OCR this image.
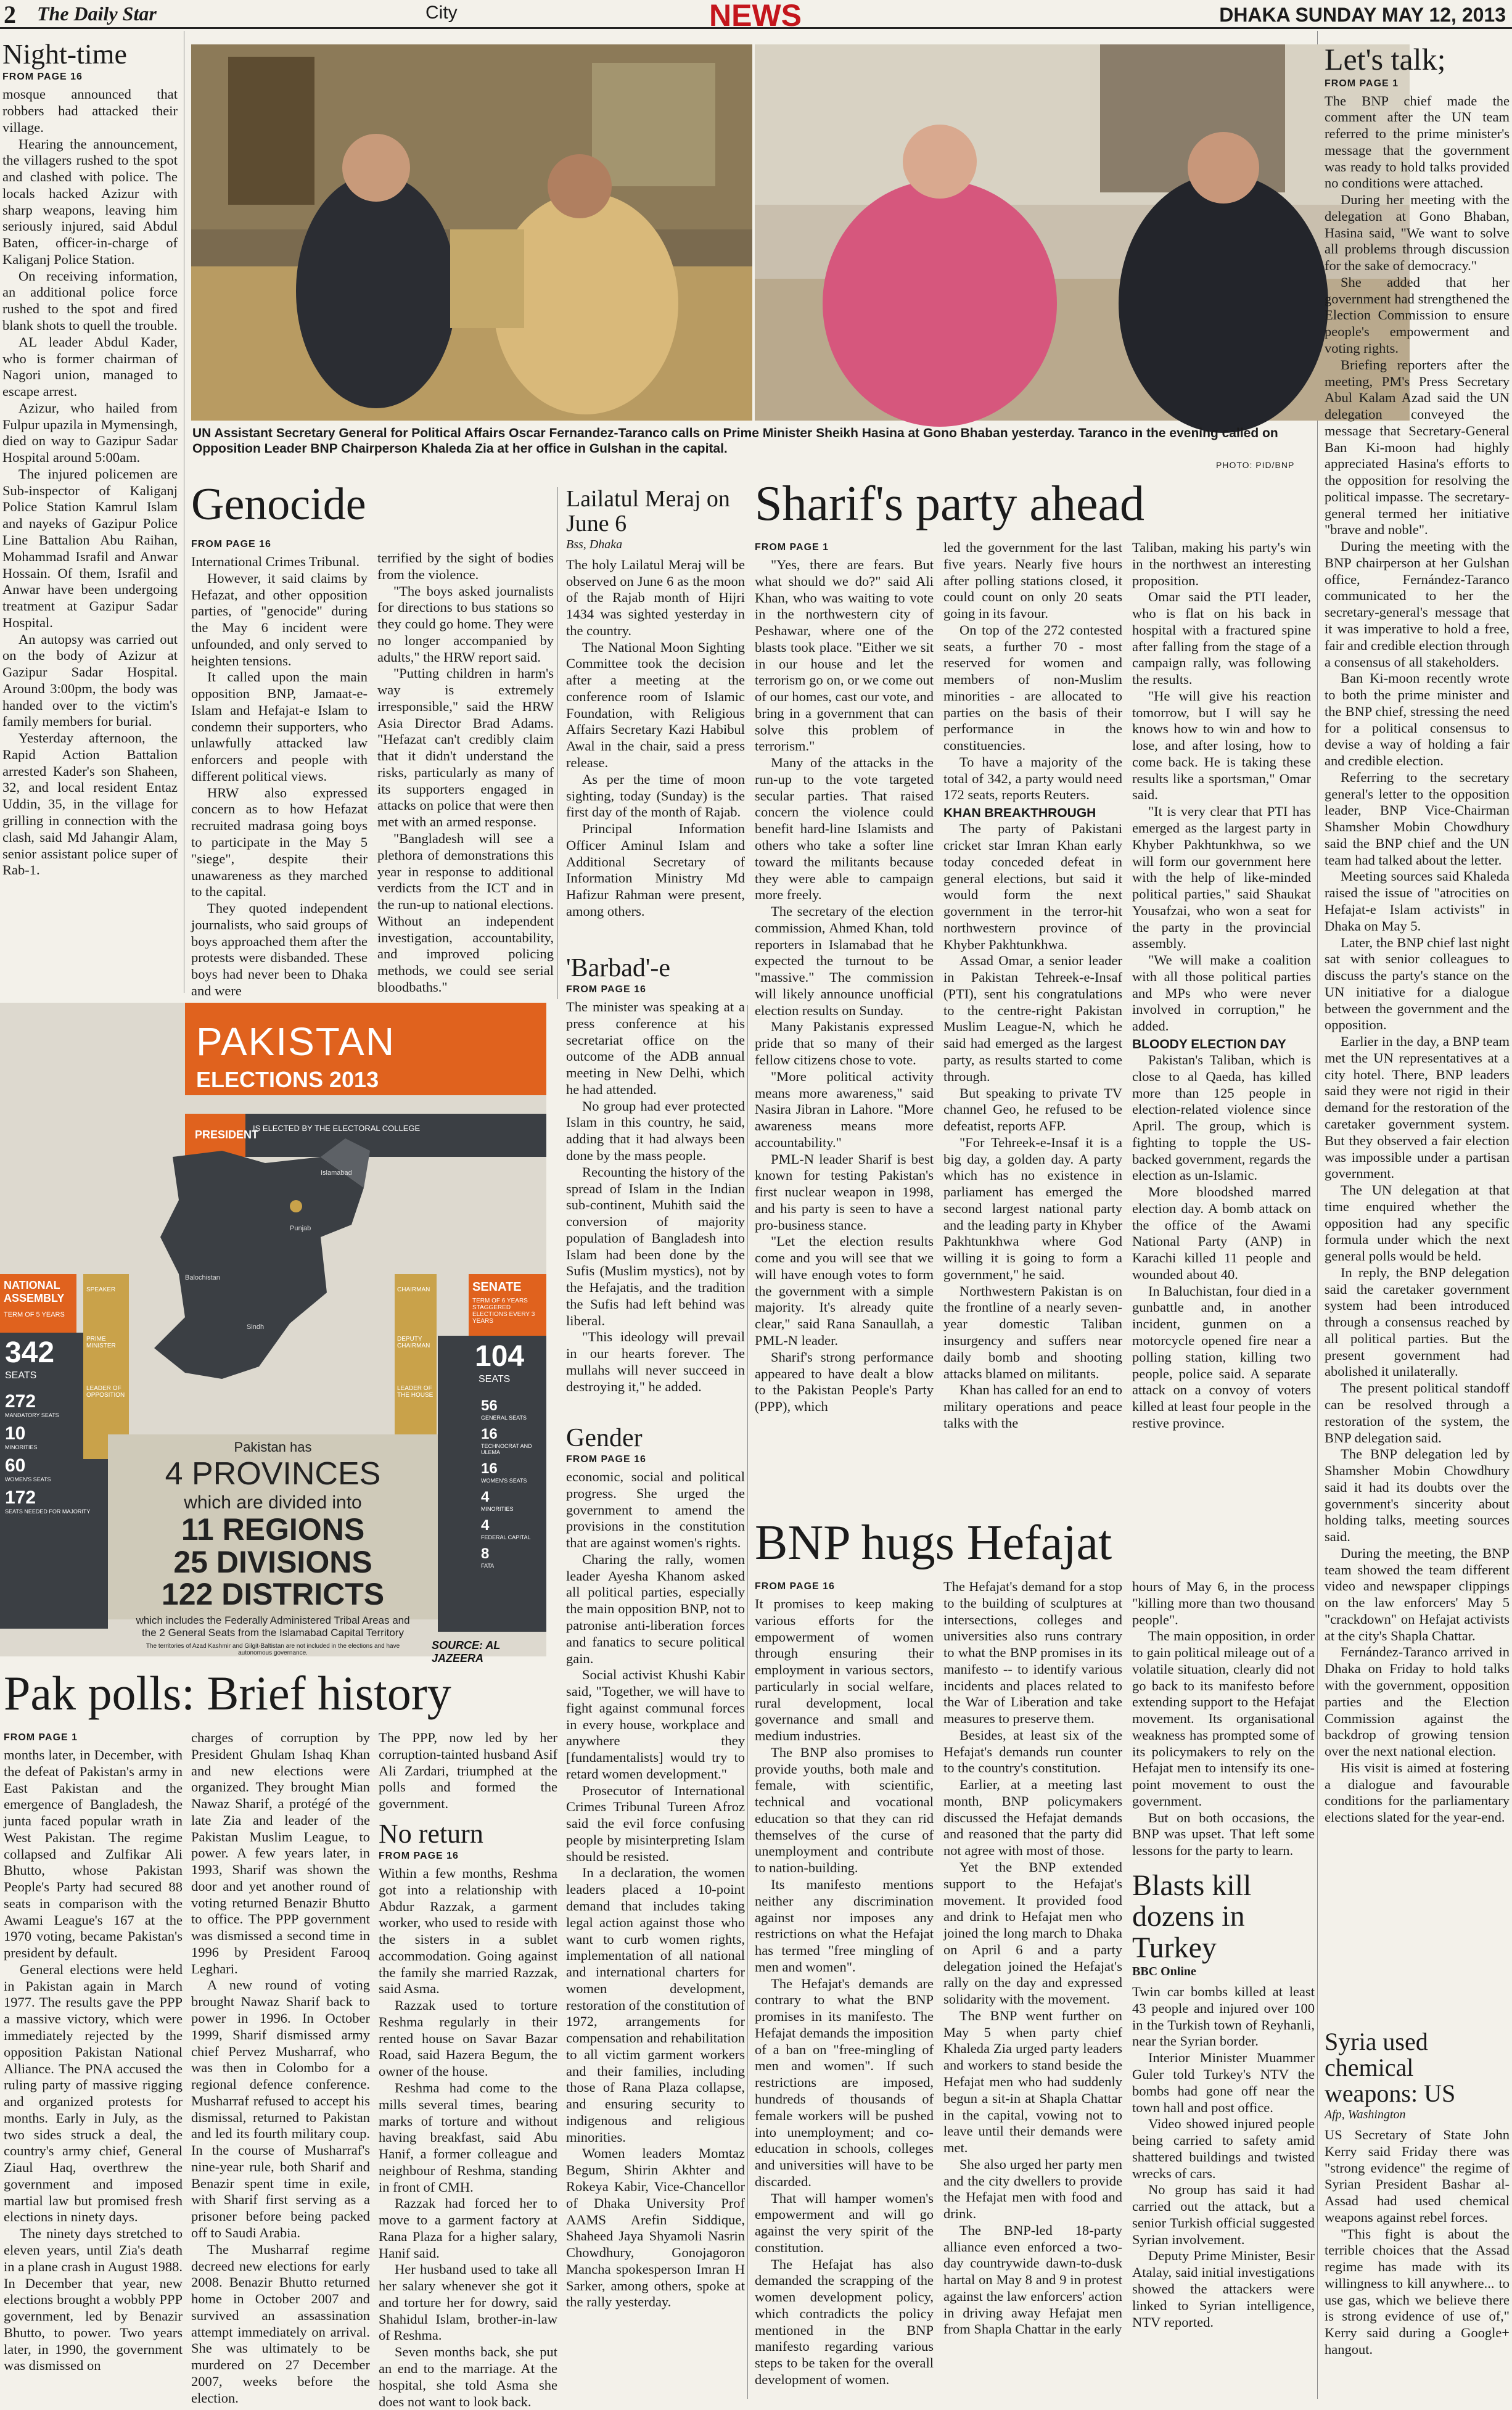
2 The Daily Star	City	NEWS	DHAKA SUNDAY MAY 12, 2013
Night-time
FROM PAGE 16

mosque announced that robbers had attacked their village.

Hearing the announcement, the villagers rushed to the spot and clashed with police. The locals hacked Azizur with sharp weapons, leaving him seriously injured, said Abdul Baten, officer-in-charge of Kaliganj Police Station.

On receiving information, an additional police force rushed to the spot and fired blank shots to quell the trouble.

AL leader Abdul Kader, who is former chairman of Nagori union, managed to escape arrest.

Azizur, who hailed from Fulpur upazila in Mymensingh, died on way to Gazipur Sadar Hospital around 5:00am.

The injured policemen are Sub-inspector of Kaliganj Police Station Kamrul Islam and nayeks of Gazipur Police Line Battalion Abu Raihan, Mohammad Israfil and Anwar Hossain. Of them, Israfil and Anwar have been undergoing treatment at Gazipur Sadar Hospital.

An autopsy was carried out on the body of Azizur at Gazipur Sadar Hospital. Around 3:00pm, the body was handed over to the victim's family members for burial.

Yesterday afternoon, the Rapid Action Battalion arrested Kader's son Shaheen, 32, and local resident Entaz Uddin, 35, in the village for grilling in connection with the clash, said Md Jahangir Alam, senior assistant police super of Rab-1.

UN Assistant Secretary General for Political Affairs Oscar Fernandez-Taranco calls on Prime Minister Sheikh Hasina at Gono Bhaban yesterday. Taranco in the evening called on Opposition Leader BNP Chairperson Khaleda Zia at her office in Gulshan in the capital.
PHOTO: PID/BNP
Genocide
FROM PAGE 16

International Crimes Tribunal.

However, it said claims by Hefazat, and other opposition parties, of "genocide" during the May 6 incident were unfounded, and only served to heighten tensions.

It called upon the main opposition BNP, Jamaat-e-Islam and Hefajat-e Islam to condemn their supporters, who unlawfully attacked law enforcers and people with different political views.

HRW also expressed concern as to how Hefazat recruited madrasa going boys to participate in the May 5 "siege", despite their unawareness as they marched to the capital.

They quoted independent journalists, who said groups of boys approached them after the protests were disbanded. These boys had never been to Dhaka and were

terrified by the sight of bodies from the violence.

"The boys asked journalists for directions to bus stations so they could go home. They were no longer accompanied by adults," the HRW report said.

"Putting children in harm's way is extremely irresponsible," said the HRW Asia Director Brad Adams. "Hefazat can't credibly claim that it didn't understand the risks, particularly as many of its supporters engaged in attacks on police that were then met with an armed response.

"Bangladesh will see a plethora of demonstrations this year in response to additional verdicts from the ICT and in the run-up to national elections. Without an independent investigation, accountability, and improved policing methods, we could see serial bloodbaths."

Lailatul Meraj on June 6
Bss, Dhaka

The holy Lailatul Meraj will be observed on June 6 as the moon of the Rajab month of Hijri 1434 was sighted yesterday in the country.

The National Moon Sighting Committee took the decision after a meeting at the conference room of Islamic Foundation, with Religious Affairs Secretary Kazi Habibul Awal in the chair, said a press release.

As per the time of moon sighting, today (Sunday) is the first day of the month of Rajab.

Principal Information Officer Aminul Islam and Additional Secretary of Information Ministry Md Hafizur Rahman were present, among others.

'Barbad'-e
FROM PAGE 16

The minister was speaking at a press conference at his secretariat office on the outcome of the ADB annual meeting in New Delhi, which he had attended.

No group had ever protected Islam in this country, he said, adding that it had always been done by the mass people.

Recounting the history of the spread of Islam in the Indian sub-continent, Muhith said the conversion of majority population of Bangladesh into Islam had been done by the Sufis (Muslim mystics), not by the Hefajatis, and the tradition the Sufis had left behind was liberal.

"This ideology will prevail in our hearts forever. The mullahs will never succeed in destroying it," he added.

Gender
FROM PAGE 16

economic, social and political progress. She urged the government to amend the provisions in the constitution that are against women's rights.

Charing the rally, women leader Ayesha Khanom asked all political parties, especially the main opposition BNP, not to patronise anti-liberation forces and fanatics to secure political gain.

Social activist Khushi Kabir said, "Together, we will have to fight against communal forces in every house, workplace and anywhere they [fundamentalists] would try to retard women development."

Prosecutor of International Crimes Tribunal Tureen Afroz said the evil force confusing people by misinterpreting Islam should be resisted.

In a declaration, the women leaders placed a 10-point demand that includes taking legal action against those who want to curb women rights, implementation of all national and international charters for women development, restoration of the constitution of 1972, arrangements for compensation and rehabilitation to all victim garment workers and their families, including those of Rana Plaza collapse, and ensuring security to indigenous and religious minorities.

Women leaders Momtaz Begum, Shirin Akhter and Rokeya Kabir, Vice-Chancellor of Dhaka University Prof AAMS Arefin Siddique, Shaheed Jaya Shyamoli Nasrin Chowdhury, Gonojagoron Mancha spokesperson Imran H Sarker, among others, spoke at the rally yesterday.

Sharif's party ahead
FROM PAGE 1

"Yes, there are fears. But what should we do?" said Ali Khan, who was waiting to vote in the northwestern city of Peshawar, where one of the blasts took place. "Either we sit in our house and let the terrorism go on, or we come out of our homes, cast our vote, and bring in a government that can solve this problem of terrorism."

Many of the attacks in the run-up to the vote targeted secular parties. That raised concern the violence could benefit hard-line Islamists and others who take a softer line toward the militants because they were able to campaign more freely.

The secretary of the election commission, Ahmed Khan, told reporters in Islamabad that he expected the turnout to be "massive." The commission will likely announce unofficial election results on Sunday.

Many Pakistanis expressed pride that so many of their fellow citizens chose to vote.

"More political activity means more awareness," said Nasira Jibran in Lahore. "More awareness means more accountability."

PML-N leader Sharif is best known for testing Pakistan's first nuclear weapon in 1998, and his party is seen to have a pro-business stance.

"Let the election results come and you will see that we will have enough votes to form the government with a simple majority. It's already quite clear," said Rana Sanaullah, a PML-N leader.

Sharif's strong performance appeared to have dealt a blow to the Pakistan People's Party (PPP), which

led the government for the last five years. Nearly five hours after polling stations closed, it could count on only 20 seats going in its favour.

On top of the 272 contested seats, a further 70 - most reserved for women and members of non-Muslim minorities - are allocated to parties on the basis of their performance in the constituencies.

To have a majority of the total of 342, a party would need 172 seats, reports Reuters.

KHAN BREAKTHROUGH

The party of Pakistani cricket star Imran Khan early today conceded defeat in general elections, but said it would form the next government in the terror-hit northwestern province of Khyber Pakhtunkhwa.

Assad Omar, a senior leader in Pakistan Tehreek-e-Insaf (PTI), sent his congratulations to the centre-right Pakistan Muslim League-N, which he said had emerged as the largest party, as results started to come through.

But speaking to private TV channel Geo, he refused to be defeatist, reports AFP.

"For Tehreek-e-Insaf it is a big day, a golden day. A party which has no existence in parliament has emerged the second largest national party and the leading party in Khyber Pakhtunkhwa where God willing it is going to form a government," he said.

Northwestern Pakistan is on the frontline of a nearly seven-year domestic Taliban insurgency and suffers near daily bomb and shooting attacks blamed on militants.

Khan has called for an end to military operations and peace talks with the

Taliban, making his party's win in the northwest an interesting proposition.

Omar said the PTI leader, who is flat on his back in hospital with a fractured spine after falling from the stage of a campaign rally, was following the results.

"He will give his reaction tomorrow, but I will say he knows how to win and how to lose, and after losing, how to come back. He is taking these results like a sportsman," Omar said.

"It is very clear that PTI has emerged as the largest party in Khyber Pakhtunkhwa, so we will form our government here with the help of like-minded political parties," said Shaukat Yousafzai, who won a seat for the party in the provincial assembly.

"We will make a coalition with all those political parties and MPs who were never involved in corruption," he added.

BLOODY ELECTION DAY

Pakistan's Taliban, which is close to al Qaeda, has killed more than 125 people in election-related violence since April. The group, which is fighting to topple the US-backed government, regards the election as un-Islamic.

More bloodshed marred election day. A bomb attack on the office of the Awami National Party (ANP) in Karachi killed 11 people and wounded about 40.

In Baluchistan, four died in a gunbattle and, in another incident, gunmen on a motorcycle opened fire near a polling station, killing two people, police said. A separate attack on a convoy of voters killed at least four people in the restive province.

Let's talk;
FROM PAGE 1

The BNP chief made the comment after the UN team referred to the prime minister's message that the government was ready to hold talks provided no conditions were attached.

During her meeting with the delegation at Gono Bhaban, Hasina said, "We want to solve all problems through discussion for the sake of democracy."

She added that her government had strengthened the Election Commission to ensure people's empowerment and voting rights.

Briefing reporters after the meeting, PM's Press Secretary Abul Kalam Azad said the UN delegation conveyed the message that Secretary-General Ban Ki-moon had highly appreciated Hasina's efforts to the opposition for resolving the political impasse. The secretary-general termed her initiative "brave and noble".

During the meeting with the BNP chairperson at her Gulshan office, Fernández-Taranco communicated to her the secretary-general's message that it was imperative to hold a free, fair and credible election through a consensus of all stakeholders.

Ban Ki-moon recently wrote to both the prime minister and the BNP chief, stressing the need for a political consensus to devise a way of holding a fair and credible election.

Referring to the secretary general's letter to the opposition leader, BNP Vice-Chairman Shamsher Mobin Chowdhury said the BNP chief and the UN team had talked about the letter.

Meeting sources said Khaleda raised the issue of "atrocities on Hefajat-e Islam activists" in Dhaka on May 5.

Later, the BNP chief last night sat with senior colleagues to discuss the party's stance on the UN initiative for a dialogue between the government and the opposition.

Earlier in the day, a BNP team met the UN representatives at a city hotel. There, BNP leaders said they were not rigid in their demand for the restoration of the caretaker government system. But they observed a fair election was impossible under a partisan government.

The UN delegation at that time enquired whether the opposition had any specific formula under which the next general polls would be held.

In reply, the BNP delegation said the caretaker government system had been introduced through a consensus reached by all political parties. But the present government had abolished it unilaterally.

The present political standoff can be resolved through a restoration of the system, the BNP delegation said.

The BNP delegation led by Shamsher Mobin Chowdhury said it had its doubts over the government's sincerity about holding talks, meeting sources said.

During the meeting, the BNP team showed the team different video and newspaper clippings on the law enforcers' May 5 "crackdown" on Hefajat activists at the city's Shapla Chattar.

Fernández-Taranco arrived in Dhaka on Friday to hold talks with the government, opposition parties and the Election Commission against the backdrop of growing tension over the next national election.

His visit is aimed at fostering a dialogue and favourable conditions for the parliamentary elections slated for the year-end.

Syria used chemical weapons: US
Afp, Washington

US Secretary of State John Kerry said Friday there was "strong evidence" the regime of Syrian President Bashar al-Assad had used chemical weapons against rebel forces.

"This fight is about the terrible choices that the Assad regime has made with its willingness to kill anywhere... to use gas, which we believe there is strong evidence of use of," Kerry said during a Google+ hangout.

PAKISTAN
ELECTIONS 2013
PRESIDENT
IS ELECTED BY THE ELECTORAL COLLEGE
NATIONAL ASSEMBLY
TERM OF 5 YEARS
342
SEATS
272
MANDATORY SEATS
10
MINORITIES
60
WOMEN'S SEATS
172
SEATS NEEDED FOR MAJORITY
SPEAKER
PRIME MINISTER
LEADER OF OPPOSITION
SENATE
TERM OF 6 YEARS STAGGERED ELECTIONS EVERY 3 YEARS
104
SEATS
56
GENERAL SEATS
16
TECHNOCRAT AND ULEMA
16
WOMEN'S SEATS
4
MINORITIES
4
FEDERAL CAPITAL
8
FATA
CHAIRMAN
DEPUTY CHAIRMAN
LEADER OF THE HOUSE
Islamabad
Punjab
Sindh
Balochistan
Pakistan has
4 PROVINCES
which are divided into
11 REGIONS
25 DIVISIONS
122 DISTRICTS
which includes the Federally Administered Tribal Areas and the 2 General Seats from the Islamabad Capital Territory
The territories of Azad Kashmir and Gilgit-Baltistan are not included in the elections and have autonomous governance.
SOURCE: AL JAZEERA
Pak polls: Brief history
FROM PAGE 1

months later, in December, with the defeat of Pakistan's army in East Pakistan and the emergence of Bangladesh, the junta faced popular wrath in West Pakistan. The regime collapsed and Zulfikar Ali Bhutto, whose Pakistan People's Party had secured 88 seats in comparison with the Awami League's 167 at the 1970 voting, became Pakistan's president by default.

General elections were held in Pakistan again in March 1977. The results gave the PPP a massive victory, which were immediately rejected by the opposition Pakistan National Alliance. The PNA accused the ruling party of massive rigging and organized protests for months. Early in July, as the two sides struck a deal, the country's army chief, General Ziaul Haq, overthrew the government and imposed martial law but promised fresh elections in ninety days.

The ninety days stretched to eleven years, until Zia's death in a plane crash in August 1988. In December that year, new elections brought a wobbly PPP government, led by Benazir Bhutto, to power. Two years later, in 1990, the government was dismissed on

charges of corruption by President Ghulam Ishaq Khan and new elections were organized. They brought Mian Nawaz Sharif, a protégé of the late Zia and leader of the Pakistan Muslim League, to power. A few years later, in 1993, Sharif was shown the door and yet another round of voting returned Benazir Bhutto to office. The PPP government was dismissed a second time in 1996 by President Farooq Leghari.

A new round of voting brought Nawaz Sharif back to power in 1996. In October 1999, Sharif dismissed army chief Pervez Musharraf, who was then in Colombo for a regional defence conference. Musharraf refused to accept his dismissal, returned to Pakistan and led its fourth military coup. In the course of Musharraf's nine-year rule, both Sharif and Benazir spent time in exile, with Sharif first serving as a prisoner before being packed off to Saudi Arabia.

The Musharraf regime decreed new elections for early 2008. Benazir Bhutto returned home in October 2007 and survived an assassination attempt immediately on arrival. She was ultimately to be murdered on 27 December 2007, weeks before the election.

The PPP, now led by her corruption-tainted husband Asif Ali Zardari, triumphed at the polls and formed the government.

No return
FROM PAGE 16

Within a few months, Reshma got into a relationship with Abdur Razzak, a garment worker, who used to reside with the sisters in a sublet accommodation. Going against the family she married Razzak, said Asma.

Razzak used to torture Reshma regularly in their rented house on Savar Bazar Road, said Hazera Begum, the owner of the house.

Reshma had come to the mills several times, bearing marks of torture and without having breakfast, said Abu Hanif, a former colleague and neighbour of Reshma, standing in front of CMH.

Razzak had forced her to move to a garment factory at Rana Plaza for a higher salary, Hanif said.

Her husband used to take all her salary whenever she got it and torture her for dowry, said Shahidul Islam, brother-in-law of Reshma.

Seven months back, she put an end to the marriage. At the hospital, she told Asma she does not want to look back.

BNP hugs Hefajat
FROM PAGE 16

It promises to keep making various efforts for the empowerment of women through ensuring their employment in various sectors, particularly in social welfare, rural development, local governance and small and medium industries.

The BNP also promises to provide youths, both male and female, with scientific, technical and vocational education so that they can rid themselves of the curse of unemployment and contribute to nation-building.

Its manifesto mentions neither any discrimination against nor imposes any restrictions on what the Hefajat has termed "free mingling of men and women".

The Hefajat's demands are contrary to what the BNP promises in its manifesto. The Hefajat demands the imposition of a ban on "free-mingling of men and women". If such restrictions are imposed, hundreds of thousands of female workers will be pushed into unemployment; and co-education in schools, colleges and universities will have to be discarded.

That will hamper women's empowerment and will go against the very spirit of the constitution.

The Hefajat has also demanded the scrapping of the women development policy, which contradicts the policy mentioned in the BNP manifesto regarding various steps to be taken for the overall development of women.

The Hefajat's demand for a stop to the building of sculptures at intersections, colleges and universities also runs contrary to what the BNP promises in its manifesto -- to identify various incidents and places related to the War of Liberation and take measures to preserve them.

Besides, at least six of the Hefajat's demands run counter to the country's constitution.

Earlier, at a meeting last month, BNP policymakers discussed the Hefajat demands and reasoned that the party did not agree with most of those.

Yet the BNP extended support to the Hefajat's movement. It provided food and drink to Hefajat men who joined the long march to Dhaka on April 6 and a party delegation joined the Hefajat's rally on the day and expressed solidarity with the movement.

The BNP went further on May 5 when party chief Khaleda Zia urged party leaders and workers to stand beside the Hefajat men who had suddenly begun a sit-in at Shapla Chattar in the capital, vowing not to leave until their demands were met.

She also urged her party men and the city dwellers to provide the Hefajat men with food and drink.

The BNP-led 18-party alliance even enforced a two-day countrywide dawn-to-dusk hartal on May 8 and 9 in protest against the law enforcers' action in driving away Hefajat men from Shapla Chattar in the early

hours of May 6, in the process "killing more than two thousand people".

The main opposition, in order to gain political mileage out of a volatile situation, clearly did not go back to its manifesto before extending support to the Hefajat movement. Its organisational weakness has prompted some of its policymakers to rely on the Hefajat men to intensify its one-point movement to oust the government.

But on both occasions, the BNP was upset. That left some lessons for the party to learn.

Blasts kill dozens in Turkey
BBC Online

Twin car bombs killed at least 43 people and injured over 100 in the Turkish town of Reyhanli, near the Syrian border.

Interior Minister Muammer Guler told Turkey's NTV the bombs had gone off near the town hall and post office.

Video showed injured people being carried to safety amid shattered buildings and twisted wrecks of cars.

No group has said it had carried out the attack, but a senior Turkish official suggested Syrian involvement.

Deputy Prime Minister, Besir Atalay, said initial investigations showed the attackers were linked to Syrian intelligence, NTV reported.
